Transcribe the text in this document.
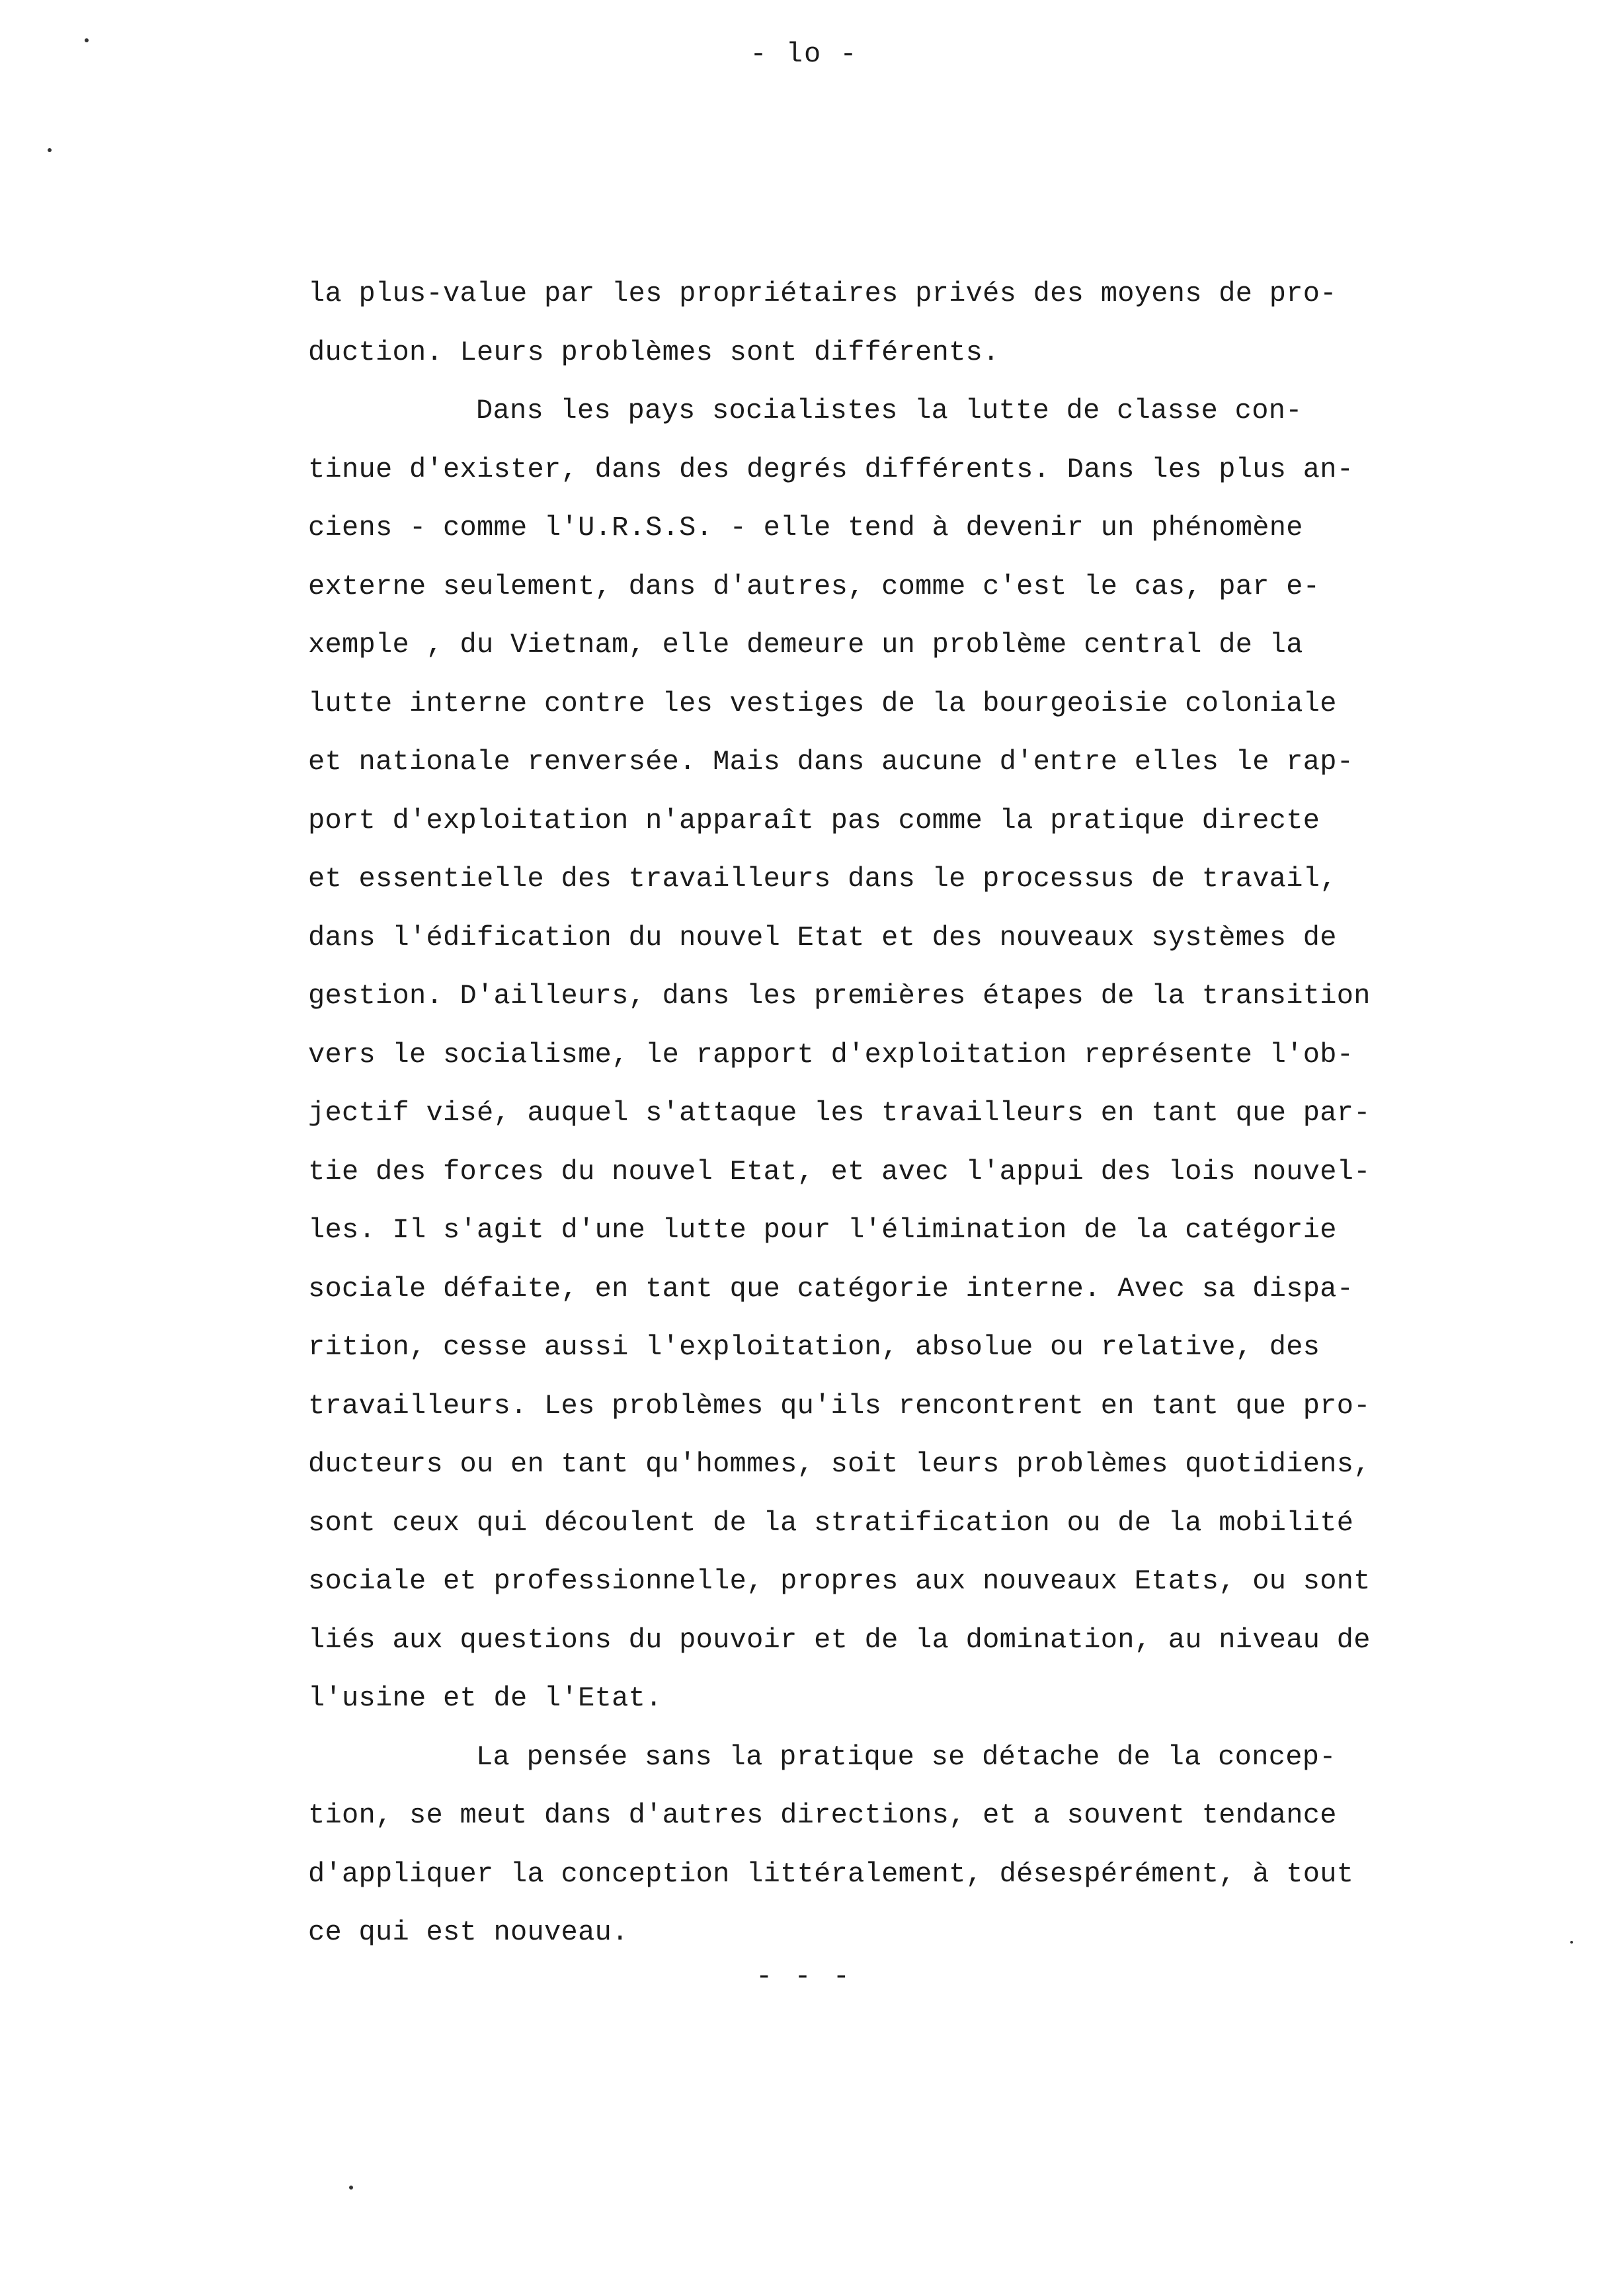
- lo -
la plus-value par les propriétaires privés des moyens de pro-
duction. Leurs problèmes sont différents.
Dans les pays socialistes la lutte de classe con-
tinue d'exister, dans des degrés différents. Dans les plus an-
ciens - comme l'U.R.S.S. - elle tend à devenir un phénomène
externe seulement, dans d'autres, comme c'est le cas, par e-
xemple , du Vietnam, elle demeure un problème central de la
lutte interne contre les vestiges de la bourgeoisie coloniale
et nationale renversée. Mais dans aucune d'entre elles le rap-
port d'exploitation n'apparaît pas comme la pratique directe
et essentielle des travailleurs dans le processus de travail,
dans l'édification du nouvel Etat et des nouveaux systèmes de
gestion. D'ailleurs, dans les premières étapes de la transition
vers le socialisme, le rapport d'exploitation représente l'ob-
jectif visé, auquel s'attaque les travailleurs en tant que par-
tie des forces du nouvel Etat, et avec l'appui des lois nouvel-
les. Il s'agit d'une lutte pour l'élimination de la catégorie
sociale défaite, en tant que catégorie interne. Avec sa dispa-
rition, cesse aussi l'exploitation, absolue ou relative, des
travailleurs. Les problèmes qu'ils rencontrent en tant que pro-
ducteurs ou en tant qu'hommes, soit leurs problèmes quotidiens,
sont ceux qui découlent de la stratification ou de la mobilité
sociale et professionnelle, propres aux nouveaux Etats, ou sont
liés aux questions du pouvoir et de la domination, au niveau de
l'usine et de l'Etat.
La pensée sans la pratique se détache de la concep-
tion, se meut dans d'autres directions, et a souvent tendance
d'appliquer la conception littéralement, désespérément, à tout
ce qui est nouveau.
- - -
